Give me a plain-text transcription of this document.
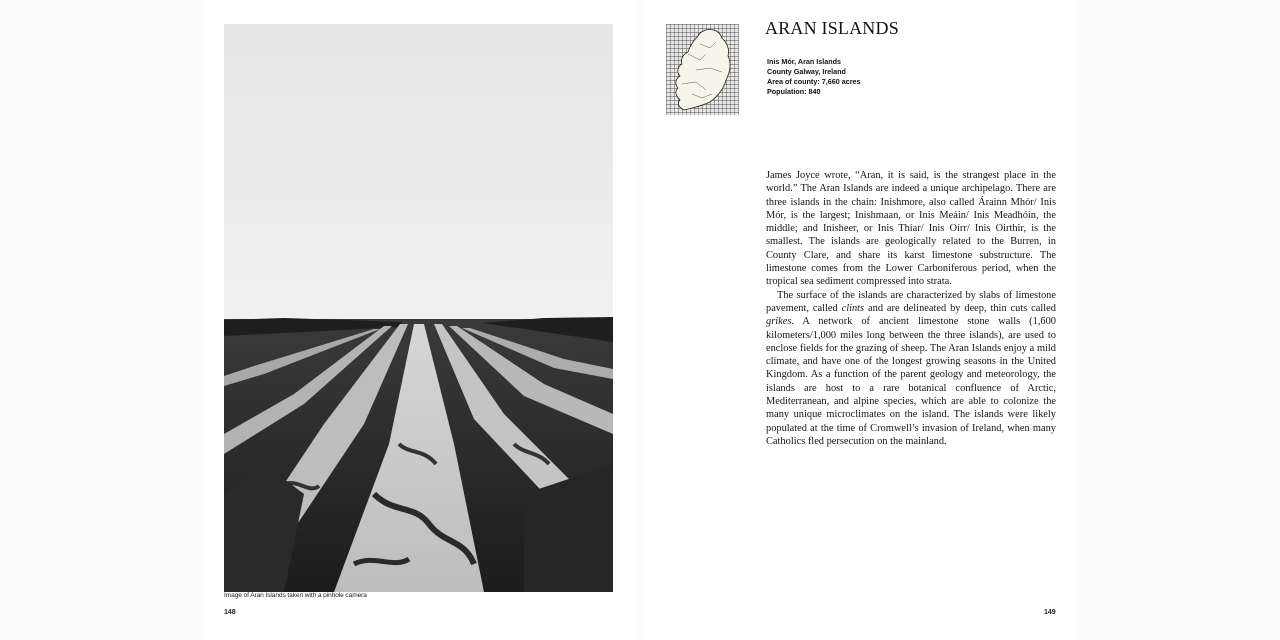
Image of Aran Islands taken with a pinhole camera
148
ARAN ISLANDS
Inis Mór, Aran Islands
County Galway, Ireland
Area of county: 7,660 acres
Population: 840

James Joyce wrote, “Aran, it is said, is the strangest place in the world.” The Aran Islands are indeed a unique archipelago. There are three islands in the chain: Inishmore, also called Árainn Mhór/ Inis Mór, is the largest; Inishmaan, or Inis Meáin/ Inis Meadhóin, the middle; and Inisheer, or Inis Thiar/ Inis Oírr/ Inis Oirthir, is the smallest. The islands are geologically related to the Burren, in County Clare, and share its karst limestone substructure. The limestone comes from the Lower Carboniferous period, when the tropical sea sediment compressed into strata.

The surface of the islands are characterized by slabs of limestone pavement, called clints and are delineated by deep, thin cuts called grikes. A network of ancient limestone stone walls (1,600 kilometers/1,000 miles long between the three islands), are used to enclose fields for the grazing of sheep. The Aran Islands enjoy a mild climate, and have one of the longest growing seasons in the United Kingdom. As a function of the parent geology and meteorology, the islands are host to a rare botanical confluence of Arctic, Mediterranean, and alpine species, which are able to colonize the many unique microclimates on the island. The islands were likely populated at the time of Cromwell’s invasion of Ireland, when many Catholics fled persecution on the mainland.

149
